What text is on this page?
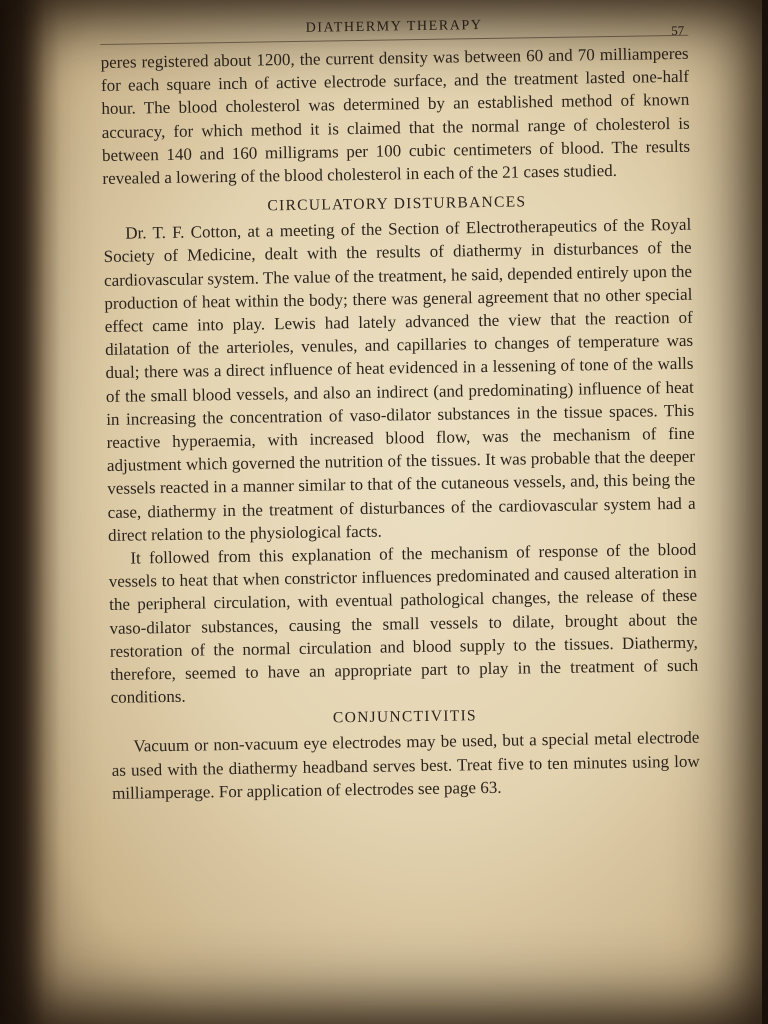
DIATHERMY THERAPY	57

peres registered about 1200, the current density was between 60 and 70 milliamperes for each square inch of active electrode surface, and the treatment lasted one-half hour. The blood cholesterol was determined by an established method of known accuracy, for which method it is claimed that the normal range of cholesterol is between 140 and 160 milligrams per 100 cubic centimeters of blood. The results revealed a lowering of the blood cholesterol in each of the 21 cases studied.

CIRCULATORY DISTURBANCES

Dr. T. F. Cotton, at a meeting of the Section of Electrotherapeutics of the Royal Society of Medicine, dealt with the results of diathermy in disturbances of the cardiovascular system. The value of the treatment, he said, depended entirely upon the production of heat within the body; there was general agreement that no other special effect came into play. Lewis had lately advanced the view that the reaction of dilatation of the arterioles, venules, and capillaries to changes of temperature was dual; there was a direct influence of heat evidenced in a lessening of tone of the walls of the small blood vessels, and also an indirect (and predominating) influence of heat in increasing the concentration of vaso-dilator substances in the tissue spaces. This reactive hyperaemia, with increased blood flow, was the mechanism of fine adjustment which governed the nutrition of the tissues. It was probable that the deeper vessels reacted in a manner similar to that of the cutaneous vessels, and, this being the case, diathermy in the treatment of disturbances of the cardiovascular system had a direct relation to the physiological facts.

It followed from this explanation of the mechanism of response of the blood vessels to heat that when constrictor influences predominated and caused alteration in the peripheral circulation, with eventual pathological changes, the release of these vaso-dilator substances, causing the small vessels to dilate, brought about the restoration of the normal circulation and blood supply to the tissues. Diathermy, therefore, seemed to have an appropriate part to play in the treatment of such conditions.

CONJUNCTIVITIS

Vacuum or non-vacuum eye electrodes may be used, but a special metal electrode as used with the diathermy headband serves best. Treat five to ten minutes using low milliamperage. For application of electrodes see page 63.
